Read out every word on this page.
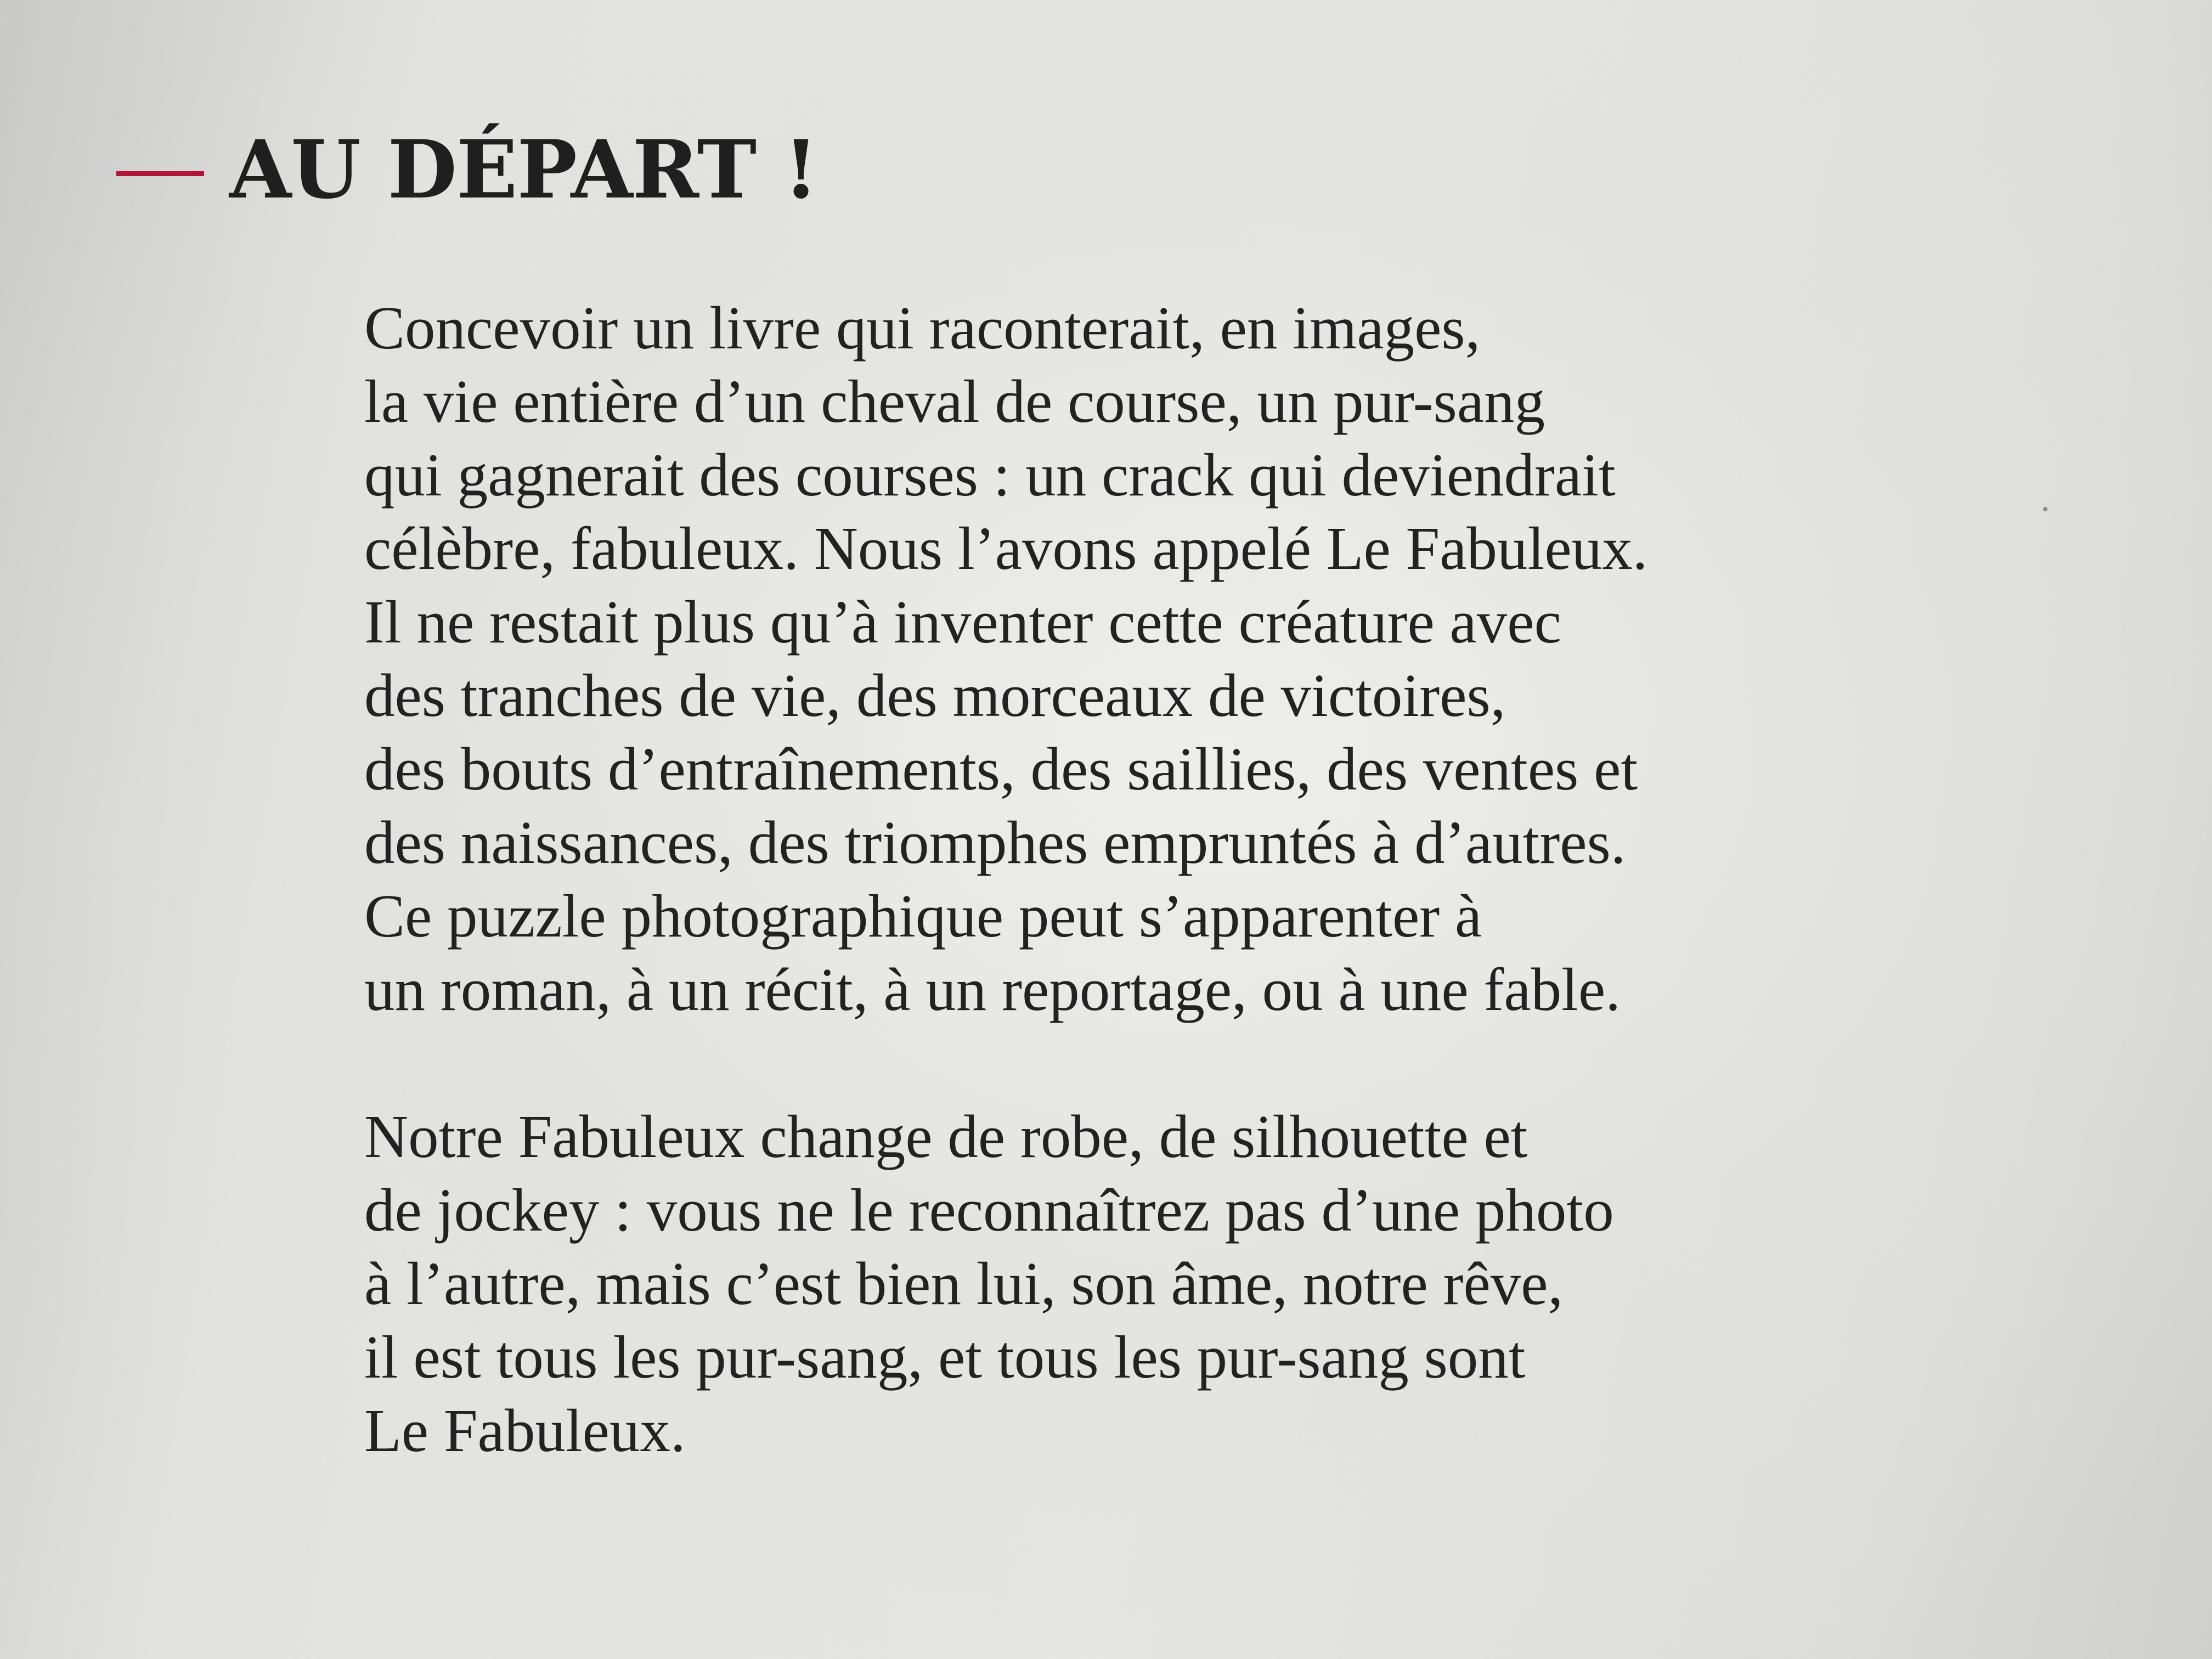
AU DÉPART !

Concevoir un livre qui raconterait, en images,
la vie entière d’un cheval de course, un pur-sang
qui gagnerait des courses : un crack qui deviendrait
célèbre, fabuleux. Nous l’avons appelé Le Fabuleux.
Il ne restait plus qu’à inventer cette créature avec
des tranches de vie, des morceaux de victoires,
des bouts d’entraînements, des saillies, des ventes et
des naissances, des triomphes empruntés à d’autres.
Ce puzzle photographique peut s’apparenter à
un roman, à un récit, à un reportage, ou à une fable.

Notre Fabuleux change de robe, de silhouette et
de jockey : vous ne le reconnaîtrez pas d’une photo
à l’autre, mais c’est bien lui, son âme, notre rêve,
il est tous les pur-sang, et tous les pur-sang sont
Le Fabuleux.
